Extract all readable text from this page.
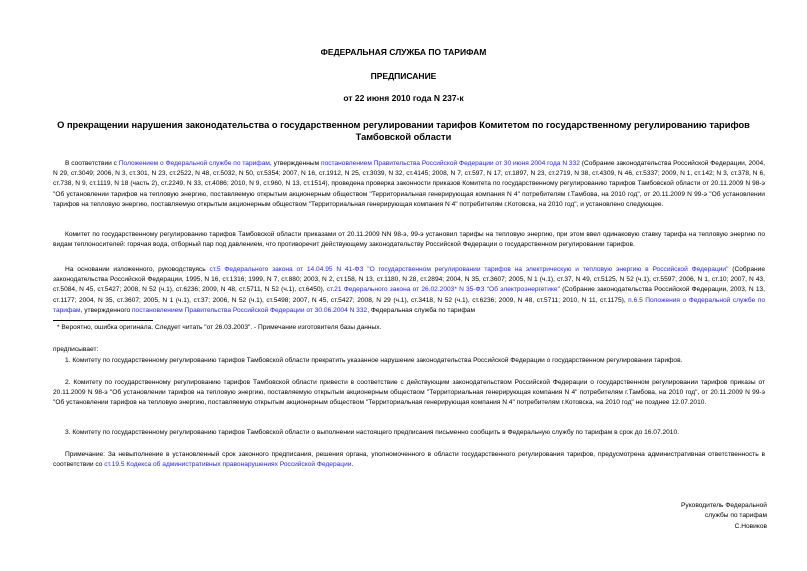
ФЕДЕРАЛЬНАЯ СЛУЖБА ПО ТАРИФАМ
ПРЕДПИСАНИЕ
от 22 июня 2010 года N 237-к
О прекращении нарушения законодательства о государственном регулировании тарифов Комитетом по государственному регулированию тарифов Тамбовской области

В соответствии с Положением о Федеральной службе по тарифам, утвержденным постановлением Правительства Российской Федерации от 30 июня 2004 года N 332 (Собрание законодательства Российской Федерации, 2004, N 29, ст.3049; 2006, N 3, ст.301, N 23, ст.2522, N 48, ст.5032, N 50, ст.5354; 2007, N 16, ст.1912, N 25, ст.3039, N 32, ст.4145; 2008, N 7, ст.597, N 17, ст.1897, N 23, ст.2719, N 38, ст.4309, N 46, ст.5337; 2009, N 1, ст.142; N 3, ст.378, N 6, ст.738, N 9, ст.1119, N 18 (часть 2), ст.2249, N 33, ст.4086; 2010, N 9, ст.960, N 13, ст.1514), проведена проверка законности приказов Комитета по государственному регулированию тарифов Тамбовской области от 20.11.2009 N 98-э "Об установлении тарифов на тепловую энергию, поставляемую открытым акционерным обществом "Территориальная генерирующая компания N 4" потребителям г.Тамбова, на 2010 год", от 20.11.2009 N 99-э "Об установлении тарифов на тепловую энергию, поставляемую открытым акционерным обществом "Территориальная генерирующая компания N 4" потребителям г.Котовска, на 2010 год", и установлено следующее.

Комитет по государственному регулированию тарифов Тамбовской области приказами от 20.11.2009 NN 98-э, 99-э установил тарифы на тепловую энергию, при этом ввел одинаковую ставку тарифа на тепловую энергию по видам теплоносителей: горячая вода, отборный пар под давлением, что противоречит действующему законодательству Российской Федерации о государственном регулировании тарифов.

На основании изложенного, руководствуясь ст.5 Федерального закона от 14.04.95 N 41-ФЗ "О государственном регулировании тарифов на электрическую и тепловую энергию в Российской Федерации" (Собрание законодательства Российской Федерации, 1995, N 16, ст.1316; 1999, N 7, ст.880; 2003, N 2, ст.158, N 13, ст.1180, N 28, ст.2894; 2004, N 35, ст.3607; 2005, N 1 (ч.1), ст.37, N 49, ст.5125, N 52 (ч.1), ст.5597; 2006, N 1, ст.10; 2007, N 43, ст.5084, N 45, ст.5427; 2008, N 52 (ч.1), ст.6236; 2009, N 48, ст.5711, N 52 (ч.1), ст.6450), ст.21 Федерального закона от 26.02.2003* N 35-ФЗ "Об электроэнергетике" (Собрание законодательства Российской Федерации, 2003, N 13, ст.1177; 2004, N 35, ст.3607; 2005, N 1 (ч.1), ст.37; 2006, N 52 (ч.1), ст.5498; 2007, N 45, ст.5427; 2008, N 29 (ч.1), ст.3418, N 52 (ч.1), ст.6236; 2009, N 48, ст.5711; 2010, N 11, ст.1175), п.6.5 Положения о Федеральной службе по тарифам, утвержденного постановлением Правительства Российской Федерации от 30.06.2004 N 332, Федеральная служба по тарифам

* Вероятно, ошибка оригинала. Следует читать "от 26.03.2003". - Примечание изготовителя базы данных.

предписывает:

1. Комитету по государственному регулированию тарифов Тамбовской области прекратить указанное нарушение законодательства Российской Федерации о государственном регулировании тарифов.

2. Комитету по государственному регулированию тарифов Тамбовской области привести в соответствие с действующим законодательством Российской Федерации о государственном регулировании тарифов приказы от 20.11.2009 N 98-э "Об установлении тарифов на тепловую энергию, поставляемую открытым акционерным обществом "Территориальная генерирующая компания N 4" потребителям г.Тамбова, на 2010 год", от 20.11.2009 N 99-э "Об установлении тарифов на тепловую энергию, поставляемую открытым акционерным обществом "Территориальная генерирующая компания N 4" потребителям г.Котовска, на 2010 год" не позднее 12.07.2010.

3. Комитету по государственному регулированию тарифов Тамбовской области о выполнении настоящего предписания письменно сообщить в Федеральную службу по тарифам в срок до 16.07.2010.

Примечание: За невыполнение в установленный срок законного предписания, решения органа, уполномоченного в области государственного регулирования тарифов, предусмотрена административная ответственность в соответствии со ст.19.5 Кодекса об административных правонарушениях Российской Федерации.

Руководитель Федеральной
службы по тарифам
С.Новиков
